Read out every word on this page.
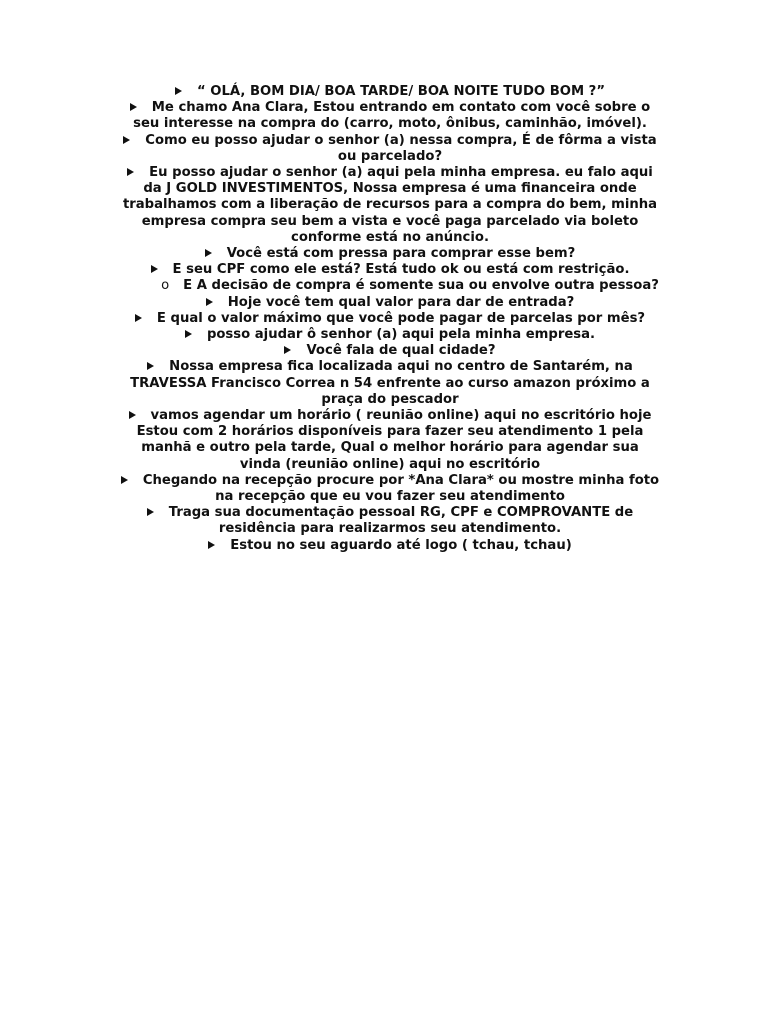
“ OLÁ, BOM DIA/ BOA TARDE/ BOA NOITE TUDO BOM ?”

Me chamo Ana Clara, Estou entrando em contato com você sobre o seu interesse na compra do (carro, moto, ônibus, caminhão, imóvel).

Como eu posso ajudar o senhor (a) nessa compra, É de fôrma a vista ou parcelado?

Eu posso ajudar o senhor (a) aqui pela minha empresa. eu falo aqui da J GOLD INVESTIMENTOS, Nossa empresa é uma financeira onde trabalhamos com a liberação de recursos para a compra do bem, minha empresa compra seu bem a vista e você paga parcelado via boleto conforme está no anúncio.

Você está com pressa para comprar esse bem?

E seu CPF como ele está? Está tudo ok ou está com restrição.

o E A decisão de compra é somente sua ou envolve outra pessoa?

Hoje você tem qual valor para dar de entrada?

E qual o valor máximo que você pode pagar de parcelas por mês?

posso ajudar ô senhor (a) aqui pela minha empresa.

Você fala de qual cidade?

Nossa empresa fica localizada aqui no centro de Santarém, na TRAVESSA Francisco Correa n 54 enfrente ao curso amazon próximo a praça do pescador

vamos agendar um horário ( reunião online) aqui no escritório hoje Estou com 2 horários disponíveis para fazer seu atendimento 1 pela manhã e outro pela tarde, Qual o melhor horário para agendar sua vinda (reunião online) aqui no escritório

Chegando na recepção procure por *Ana Clara* ou mostre minha foto na recepção que eu vou fazer seu atendimento

Traga sua documentação pessoal RG, CPF e COMPROVANTE de residência para realizarmos seu atendimento.

Estou no seu aguardo até logo ( tchau, tchau)
